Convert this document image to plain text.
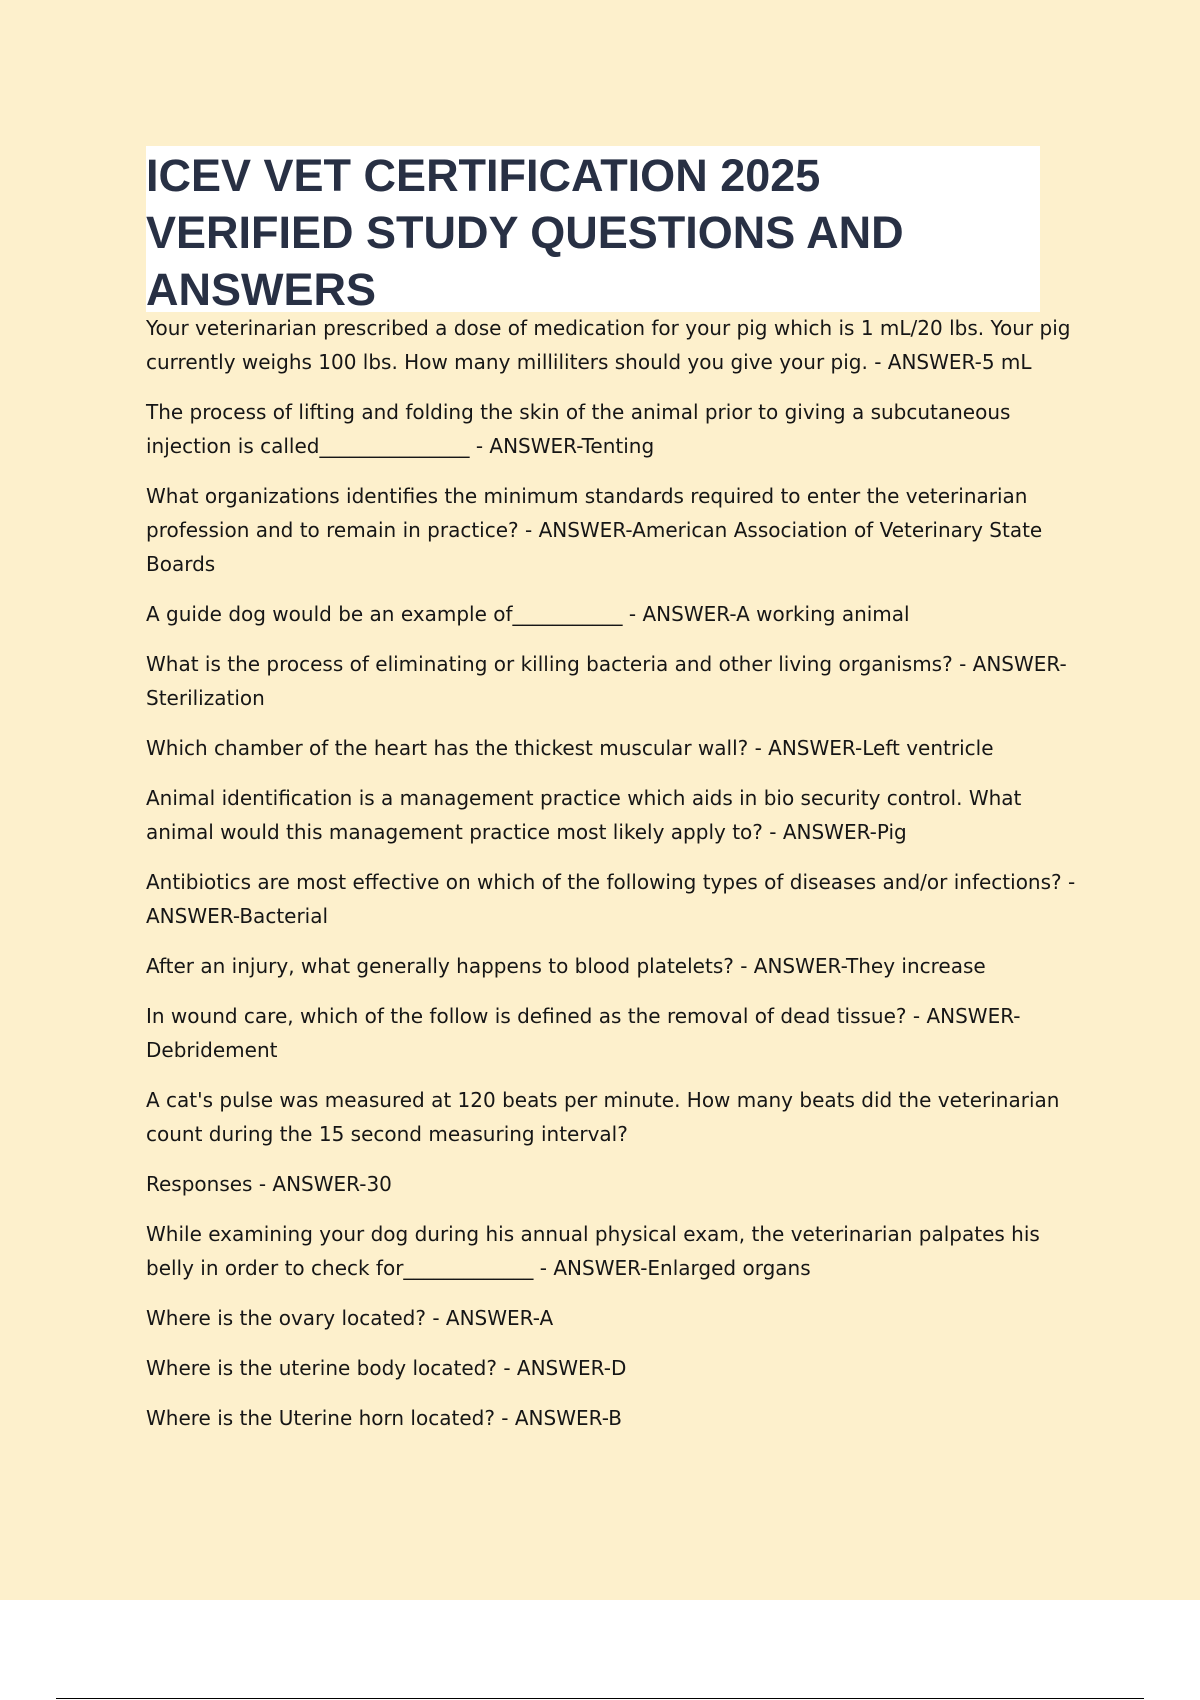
ICEV VET CERTIFICATION 2025 VERIFIED STUDY QUESTIONS AND ANSWERS
Your veterinarian prescribed a dose of medication for your pig which is 1 mL/20 lbs. Your pig currently weighs 100 lbs. How many milliliters should you give your pig. - ANSWER-5 mL
The process of lifting and folding the skin of the animal prior to giving a subcutaneous injection is called_______________ - ANSWER-Tenting
What organizations identifies the minimum standards required to enter the veterinarian profession and to remain in practice? - ANSWER-American Association of Veterinary State Boards
A guide dog would be an example of___________ - ANSWER-A working animal
What is the process of eliminating or killing bacteria and other living organisms? - ANSWER-Sterilization
Which chamber of the heart has the thickest muscular wall? - ANSWER-Left ventricle
Animal identification is a management practice which aids in bio security control. What animal would this management practice most likely apply to? - ANSWER-Pig
Antibiotics are most effective on which of the following types of diseases and/or infections? - ANSWER-Bacterial
After an injury, what generally happens to blood platelets? - ANSWER-They increase
In wound care, which of the follow is defined as the removal of dead tissue? - ANSWER-Debridement
A cat's pulse was measured at 120 beats per minute. How many beats did the veterinarian count during the 15 second measuring interval?
Responses - ANSWER-30
While examining your dog during his annual physical exam, the veterinarian palpates his belly in order to check for_____________ - ANSWER-Enlarged organs
Where is the ovary located? - ANSWER-A
Where is the uterine body located? - ANSWER-D
Where is the Uterine horn located? - ANSWER-B
